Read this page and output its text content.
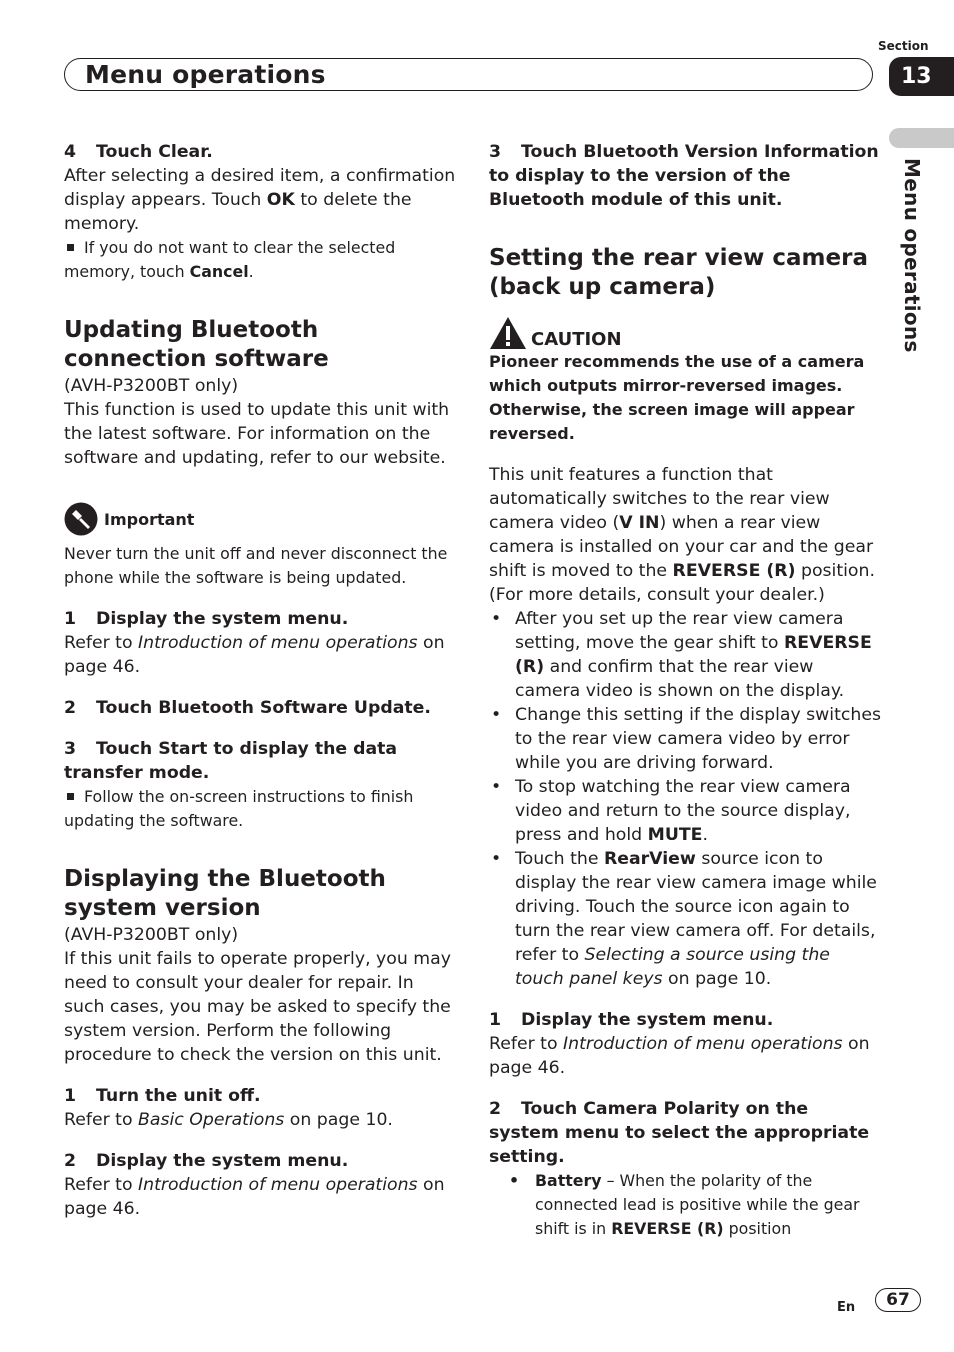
Menu operations
Section
13
Menu operations

4 Touch Clear.

After selecting a desired item, a confirmation display appears. Touch OK to delete the memory.

If you do not want to clear the selected memory, touch Cancel.

Updating Bluetooth connection software

(AVH-P3200BT only)

This function is used to update this unit with the latest software. For information on the software and updating, refer to our website.

Important

Never turn the unit off and never disconnect the phone while the software is being updated.

1 Display the system menu.

Refer to Introduction of menu operations on page 46.

2 Touch Bluetooth Software Update.

3 Touch Start to display the data transfer mode.

Follow the on-screen instructions to finish updating the software.

Displaying the Bluetooth system version

(AVH-P3200BT only)

If this unit fails to operate properly, you may need to consult your dealer for repair. In such cases, you may be asked to specify the system version. Perform the following procedure to check the version on this unit.

1 Turn the unit off.

Refer to Basic Operations on page 10.

2 Display the system menu.

Refer to Introduction of menu operations on page 46.

3 Touch Bluetooth Version Information to display to the version of the Bluetooth module of this unit.

Setting the rear view camera (back up camera)
CAUTION

Pioneer recommends the use of a camera which outputs mirror-reversed images. Otherwise, the screen image will appear reversed.

This unit features a function that automatically switches to the rear view camera video (V IN) when a rear view camera is installed on your car and the gear shift is moved to the REVERSE (R) position.(For more details, consult your dealer.)

• After you set up the rear view camera setting, move the gear shift to REVERSE (R) and confirm that the rear view camera video is shown on the display.
• Change this setting if the display switches to the rear view camera video by error while you are driving forward.
• To stop watching the rear view camera video and return to the source display, press and hold MUTE.
• Touch the RearView source icon to display the rear view camera image while driving. Touch the source icon again to turn the rear view camera off. For details, refer to Selecting a source using the touch panel keys on page 10.

1 Display the system menu.

Refer to Introduction of menu operations on page 46.

2 Touch Camera Polarity on the system menu to select the appropriate setting.

• Battery – When the polarity of the connected lead is positive while the gear shift is in REVERSE (R) position
En	67
